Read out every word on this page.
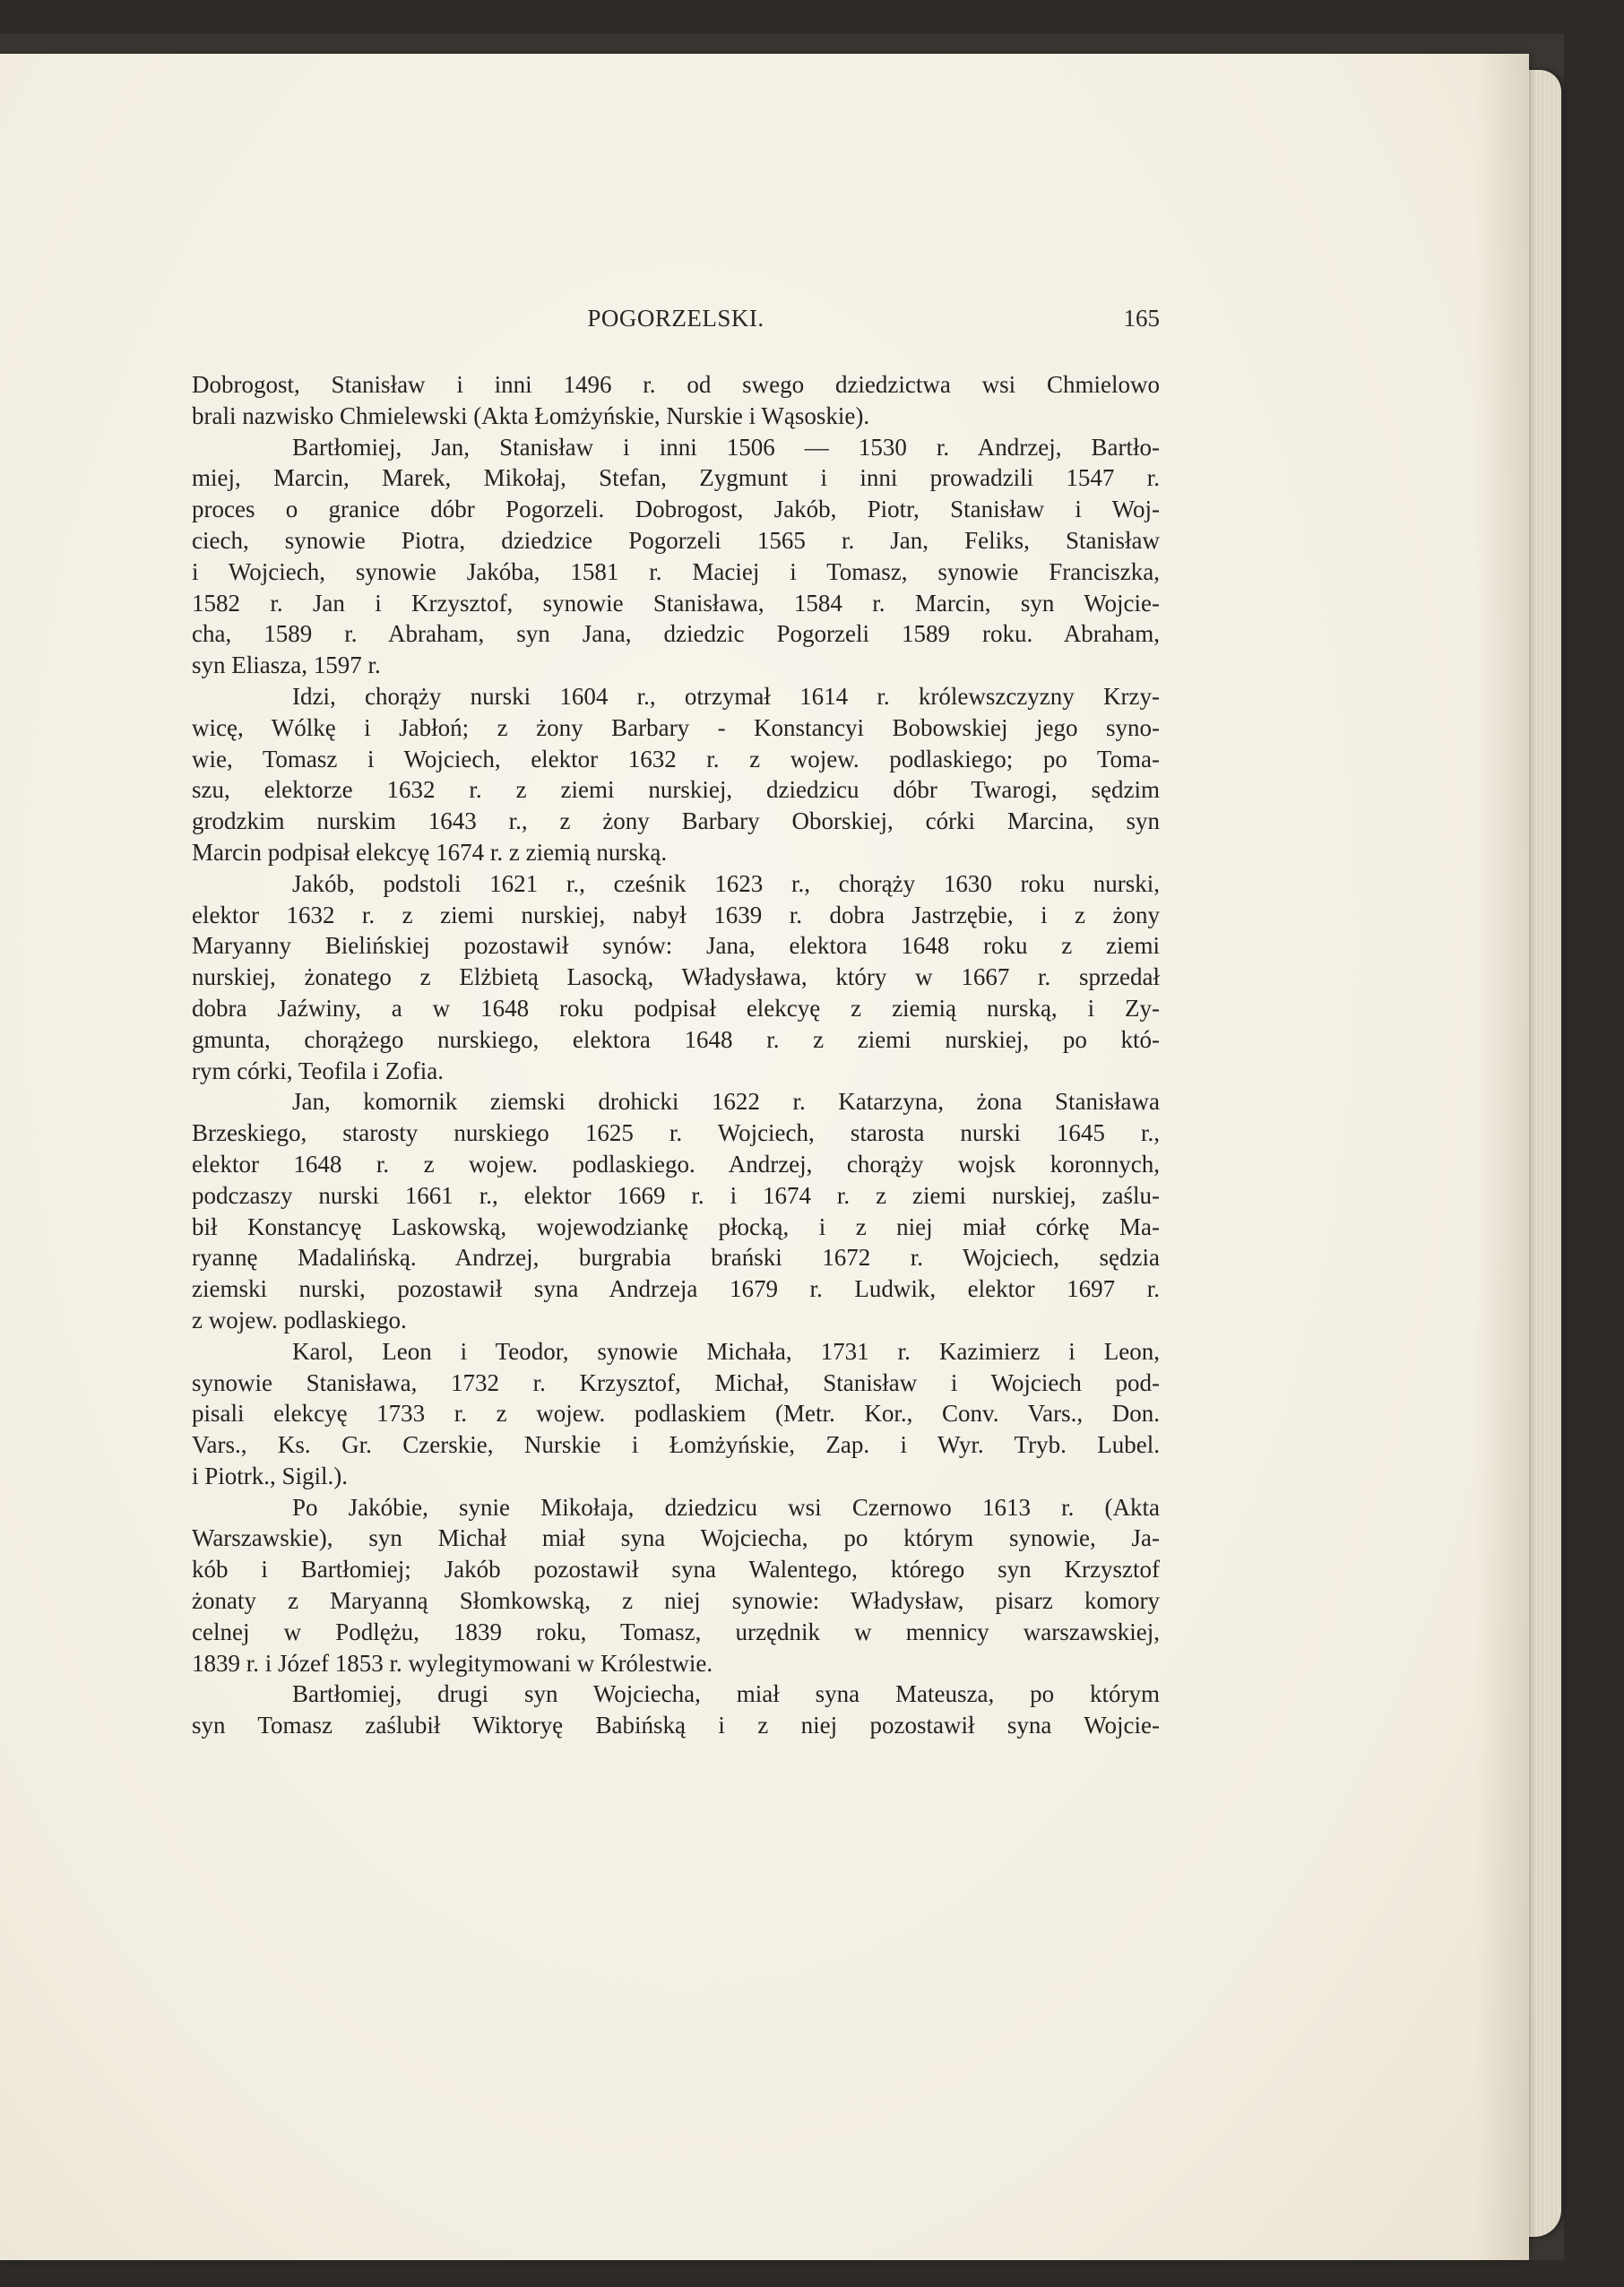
POGORZELSKI.	165
Dobrogost, Stanisław i inni 1496 r. od swego dziedzictwa wsi Chmielowo
brali nazwisko Chmielewski (Akta Łomżyńskie, Nurskie i Wąsoskie).
Bartłomiej, Jan, Stanisław i inni 1506 — 1530 r. Andrzej, Bartło-
miej, Marcin, Marek, Mikołaj, Stefan, Zygmunt i inni prowadzili 1547 r.
proces o granice dóbr Pogorzeli. Dobrogost, Jakób, Piotr, Stanisław i Woj-
ciech, synowie Piotra, dziedzice Pogorzeli 1565 r. Jan, Feliks, Stanisław
i Wojciech, synowie Jakóba, 1581 r. Maciej i Tomasz, synowie Franciszka,
1582 r. Jan i Krzysztof, synowie Stanisława, 1584 r. Marcin, syn Wojcie-
cha, 1589 r. Abraham, syn Jana, dziedzic Pogorzeli 1589 roku. Abraham,
syn Eliasza, 1597 r.
Idzi, chorąży nurski 1604 r., otrzymał 1614 r. królewszczyzny Krzy-
wicę, Wólkę i Jabłoń; z żony Barbary - Konstancyi Bobowskiej jego syno-
wie, Tomasz i Wojciech, elektor 1632 r. z wojew. podlaskiego; po Toma-
szu, elektorze 1632 r. z ziemi nurskiej, dziedzicu dóbr Twarogi, sędzim
grodzkim nurskim 1643 r., z żony Barbary Oborskiej, córki Marcina, syn
Marcin podpisał elekcyę 1674 r. z ziemią nurską.
Jakób, podstoli 1621 r., cześnik 1623 r., chorąży 1630 roku nurski,
elektor 1632 r. z ziemi nurskiej, nabył 1639 r. dobra Jastrzębie, i z żony
Maryanny Bielińskiej pozostawił synów: Jana, elektora 1648 roku z ziemi
nurskiej, żonatego z Elżbietą Lasocką, Władysława, który w 1667 r. sprzedał
dobra Jaźwiny, a w 1648 roku podpisał elekcyę z ziemią nurską, i Zy-
gmunta, chorążego nurskiego, elektora 1648 r. z ziemi nurskiej, po któ-
rym córki, Teofila i Zofia.
Jan, komornik ziemski drohicki 1622 r. Katarzyna, żona Stanisława
Brzeskiego, starosty nurskiego 1625 r. Wojciech, starosta nurski 1645 r.,
elektor 1648 r. z wojew. podlaskiego. Andrzej, chorąży wojsk koronnych,
podczaszy nurski 1661 r., elektor 1669 r. i 1674 r. z ziemi nurskiej, zaślu-
bił Konstancyę Laskowską, wojewodziankę płocką, i z niej miał córkę Ma-
ryannę Madalińską. Andrzej, burgrabia brański 1672 r. Wojciech, sędzia
ziemski nurski, pozostawił syna Andrzeja 1679 r. Ludwik, elektor 1697 r.
z wojew. podlaskiego.
Karol, Leon i Teodor, synowie Michała, 1731 r. Kazimierz i Leon,
synowie Stanisława, 1732 r. Krzysztof, Michał, Stanisław i Wojciech pod-
pisali elekcyę 1733 r. z wojew. podlaskiem (Metr. Kor., Conv. Vars., Don.
Vars., Ks. Gr. Czerskie, Nurskie i Łomżyńskie, Zap. i Wyr. Tryb. Lubel.
i Piotrk., Sigil.).
Po Jakóbie, synie Mikołaja, dziedzicu wsi Czernowo 1613 r. (Akta
Warszawskie), syn Michał miał syna Wojciecha, po którym synowie, Ja-
kób i Bartłomiej; Jakób pozostawił syna Walentego, którego syn Krzysztof
żonaty z Maryanną Słomkowską, z niej synowie: Władysław, pisarz komory
celnej w Podlężu, 1839 roku, Tomasz, urzędnik w mennicy warszawskiej,
1839 r. i Józef 1853 r. wylegitymowani w Królestwie.
Bartłomiej, drugi syn Wojciecha, miał syna Mateusza, po którym
syn Tomasz zaślubił Wiktoryę Babińską i z niej pozostawił syna Wojcie-
